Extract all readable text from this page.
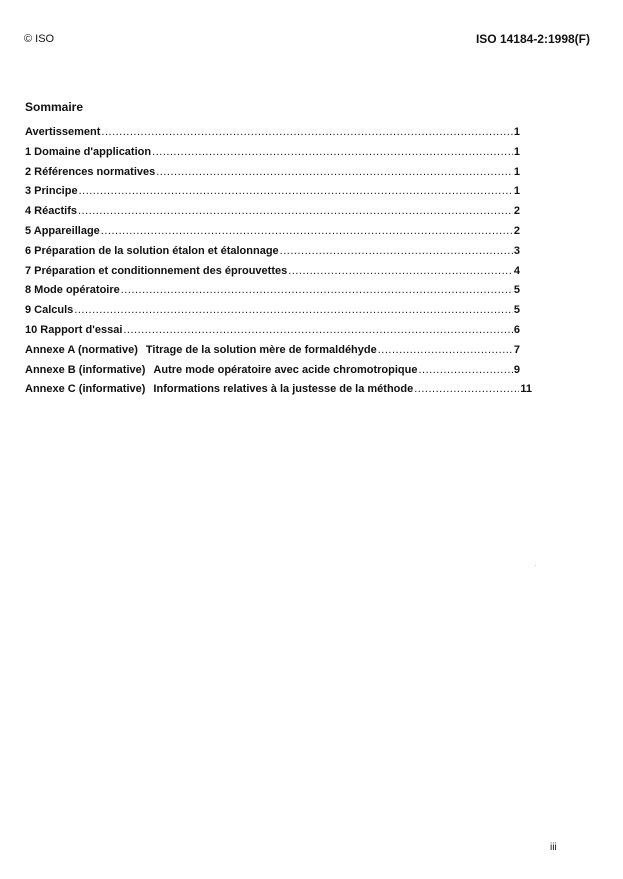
© ISO	ISO 14184-2:1998(F)
Sommaire
Avertissement .....	1
1 Domaine d'application .....	1
2 Références normatives .....	1
3 Principe .....	1
4 Réactifs .....	2
5 Appareillage .....	2
6 Préparation de la solution étalon et étalonnage .....	3
7 Préparation et conditionnement des éprouvettes .....	4
8 Mode opératoire .....	5
9 Calculs .....	5
10 Rapport d'essai .....	6
Annexe A (normative) Titrage de la solution mère de formaldéhyde .....	7
Annexe B (informative) Autre mode opératoire avec acide chromotropique .....	9
Annexe C (informative) Informations relatives à la justesse de la méthode .....	11
iii
